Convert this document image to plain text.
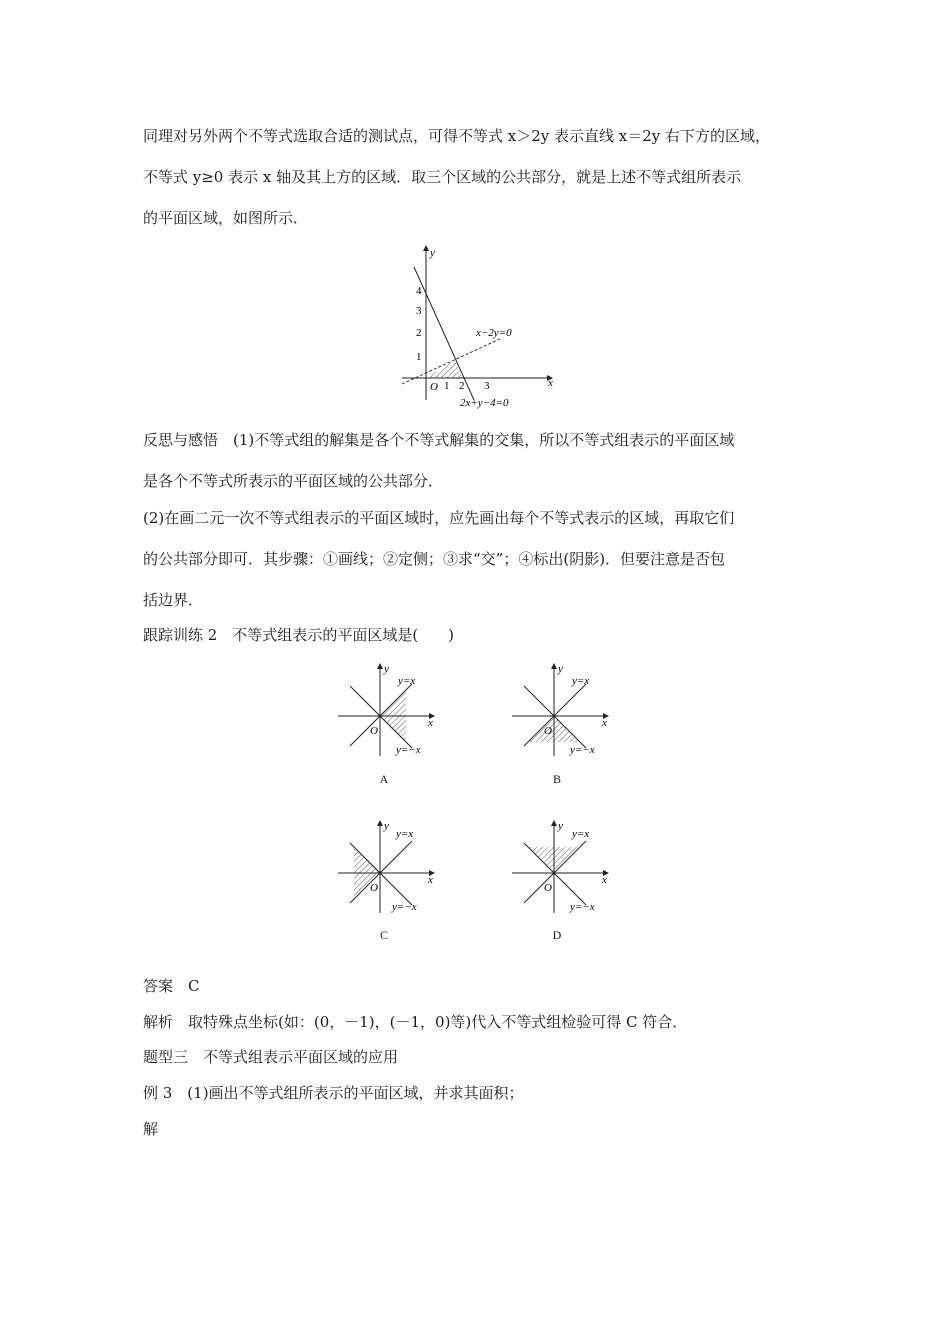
同理对另外两个不等式选取合适的测试点，可得不等式 x＞2y 表示直线 x＝2y 右下方的区域，
不等式 y≥0 表示 x 轴及其上方的区域．取三个区域的公共部分，就是上述不等式组所表示
的平面区域，如图所示．
y
x
O
1
2
3
4
1 2 3
x−2y=0
2x+y−4=0
反思与感悟　(1)不等式组的解集是各个不等式解集的交集，所以不等式组表示的平面区域
是各个不等式所表示的平面区域的公共部分．
(2)在画二元一次不等式组表示的平面区域时，应先画出每个不等式表示的区域，再取它们
的公共部分即可．其步骤：①画线；②定侧；③求“交”；④标出(阴影)．但要注意是否包
括边界．
跟踪训练 2　不等式组表示的平面区域是(　　)
y
x
O
y=x
y=−x
A
y
x
O
y=x
y=−x
B
y
x
O
y=x
y=−x
C
y
x
O
y=x
y=−x
D
答案　C
解析　取特殊点坐标(如：(0，－1)，(－1，0)等)代入不等式组检验可得 C 符合．
题型三　不等式组表示平面区域的应用
例 3　(1)画出不等式组所表示的平面区域，并求其面积；
解
